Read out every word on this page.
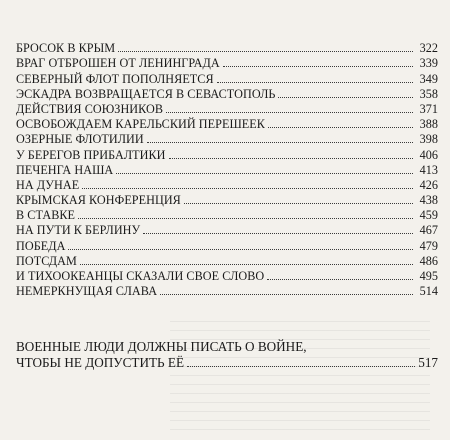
БРОСОК В КРЫМ	322
ВРАГ ОТБРОШЕН ОТ ЛЕНИНГРАДА	339
СЕВЕРНЫЙ ФЛОТ ПОПОЛНЯЕТСЯ	349
ЭСКАДРА ВОЗВРАЩАЕТСЯ В СЕВАСТОПОЛЬ	358
ДЕЙСТВИЯ СОЮЗНИКОВ	371
ОСВОБОЖДАЕМ КАРЕЛЬСКИЙ ПЕРЕШЕЕК	388
ОЗЕРНЫЕ ФЛОТИЛИИ	398
У БЕРЕГОВ ПРИБАЛТИКИ	406
ПЕЧЕНГА НАША	413
НА ДУНАЕ	426
КРЫМСКАЯ КОНФЕРЕНЦИЯ	438
В СТАВКЕ	459
НА ПУТИ К БЕРЛИНУ	467
ПОБЕДА	479
ПОТСДАМ	486
И ТИХООКЕАНЦЫ СКАЗАЛИ СВОЕ СЛОВО	495
НЕМЕРКНУЩАЯ СЛАВА	514
ВОЕННЫЕ ЛЮДИ ДОЛЖНЫ ПИСАТЬ О ВОЙНЕ,
ЧТОБЫ НЕ ДОПУСТИТЬ ЕЁ	517
